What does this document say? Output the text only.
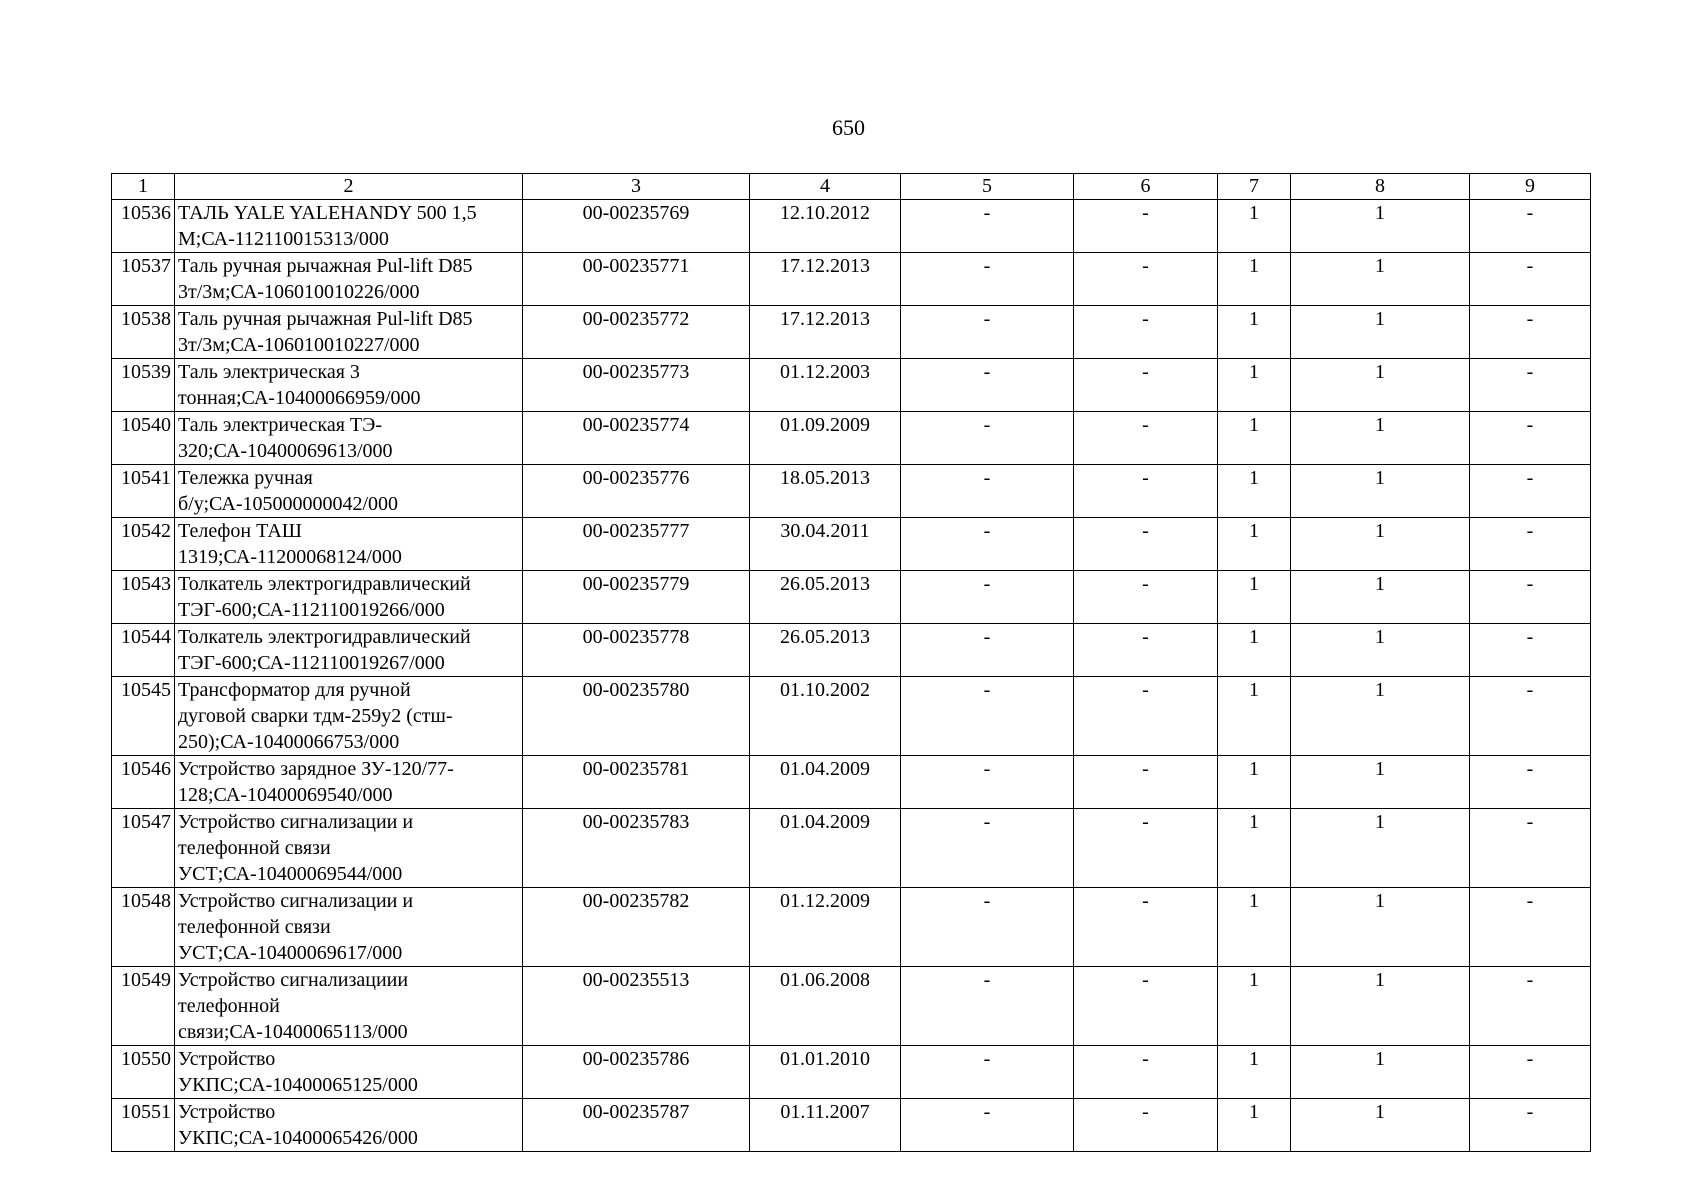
650
1	2	3	4	5	6	7	8	9
10536	ТАЛЬ YALE YALEHANDY 500 1,5
М;СА-112110015313/000	00-00235769	12.10.2012	-	-	1	1	-
10537	Таль ручная рычажная Pul-lift D85
3т/3м;СА-106010010226/000	00-00235771	17.12.2013	-	-	1	1	-
10538	Таль ручная рычажная Pul-lift D85
3т/3м;СА-106010010227/000	00-00235772	17.12.2013	-	-	1	1	-
10539	Таль электрическая 3
тонная;СА-10400066959/000	00-00235773	01.12.2003	-	-	1	1	-
10540	Таль электрическая ТЭ-
320;СА-10400069613/000	00-00235774	01.09.2009	-	-	1	1	-
10541	Тележка ручная
б/у;СА-105000000042/000	00-00235776	18.05.2013	-	-	1	1	-
10542	Телефон ТАШ
1319;СА-11200068124/000	00-00235777	30.04.2011	-	-	1	1	-
10543	Толкатель электрогидравлический
ТЭГ-600;СА-112110019266/000	00-00235779	26.05.2013	-	-	1	1	-
10544	Толкатель электрогидравлический
ТЭГ-600;СА-112110019267/000	00-00235778	26.05.2013	-	-	1	1	-
10545	Трансформатор для ручной
дуговой сварки тдм-259у2 (стш-
250);СА-10400066753/000	00-00235780	01.10.2002	-	-	1	1	-
10546	Устройство зарядное ЗУ-120/77-
128;СА-10400069540/000	00-00235781	01.04.2009	-	-	1	1	-
10547	Устройство сигнализации и
телефонной связи
УСТ;СА-10400069544/000	00-00235783	01.04.2009	-	-	1	1	-
10548	Устройство сигнализации и
телефонной связи
УСТ;СА-10400069617/000	00-00235782	01.12.2009	-	-	1	1	-
10549	Устройство сигнализациии
телефонной
связи;СА-10400065113/000	00-00235513	01.06.2008	-	-	1	1	-
10550	Устройство
УКПС;СА-10400065125/000	00-00235786	01.01.2010	-	-	1	1	-
10551	Устройство
УКПС;СА-10400065426/000	00-00235787	01.11.2007	-	-	1	1	-
